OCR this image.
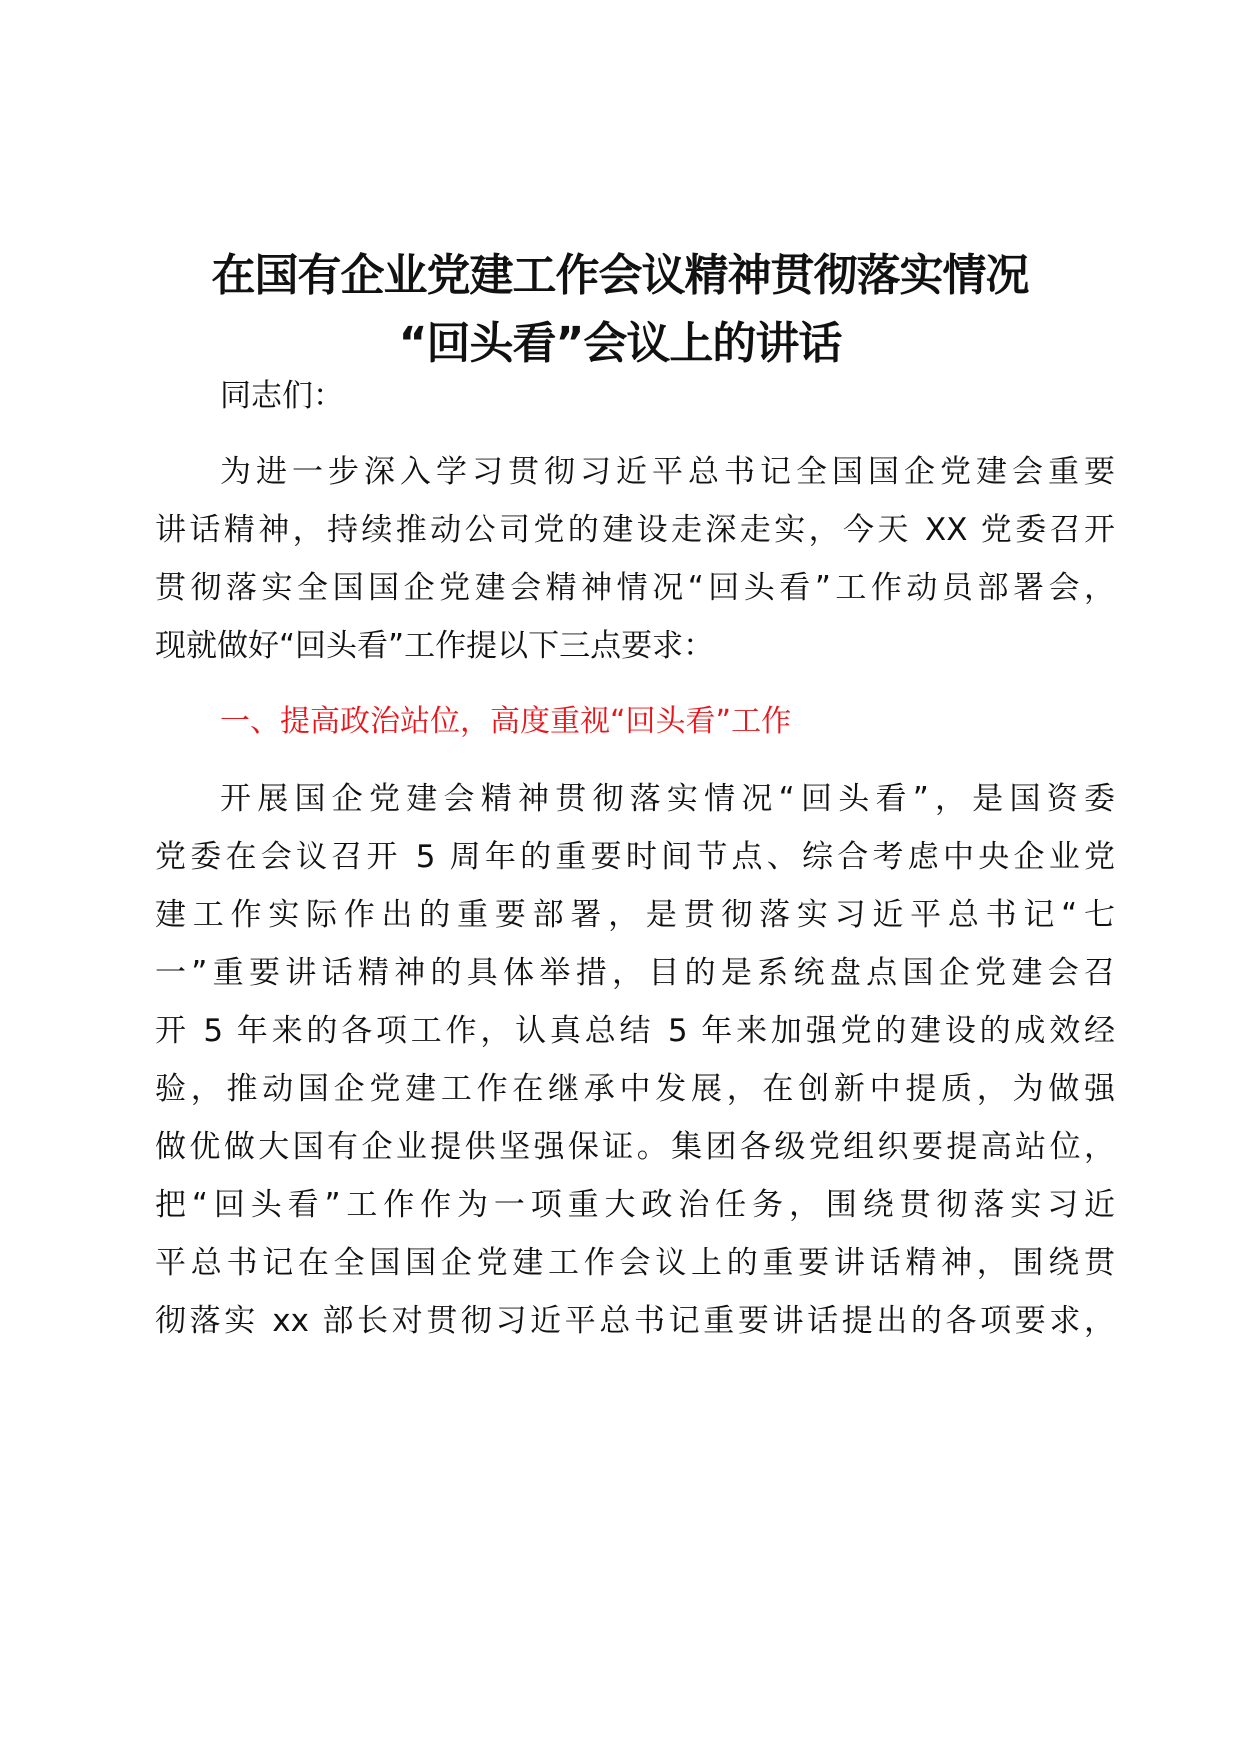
在国有企业党建工作会议精神贯彻落实情况
“回头看”会议上的讲话
同志们：
为进一步深入学习贯彻习近平总书记全国国企党建会重要
讲话精神，持续推动公司党的建设走深走实，今天 XX 党委召开
贯彻落实全国国企党建会精神情况“回头看”工作动员部署会，
现就做好“回头看”工作提以下三点要求：
一、提高政治站位，高度重视“回头看”工作
开展国企党建会精神贯彻落实情况“回头看”，是国资委
党委在会议召开 5 周年的重要时间节点、综合考虑中央企业党
建工作实际作出的重要部署，是贯彻落实习近平总书记“七
一”重要讲话精神的具体举措，目的是系统盘点国企党建会召
开 5 年来的各项工作，认真总结 5 年来加强党的建设的成效经
验，推动国企党建工作在继承中发展，在创新中提质，为做强
做优做大国有企业提供坚强保证。集团各级党组织要提高站位，
把“回头看”工作作为一项重大政治任务，围绕贯彻落实习近
平总书记在全国国企党建工作会议上的重要讲话精神，围绕贯
彻落实 xx 部长对贯彻习近平总书记重要讲话提出的各项要求，
